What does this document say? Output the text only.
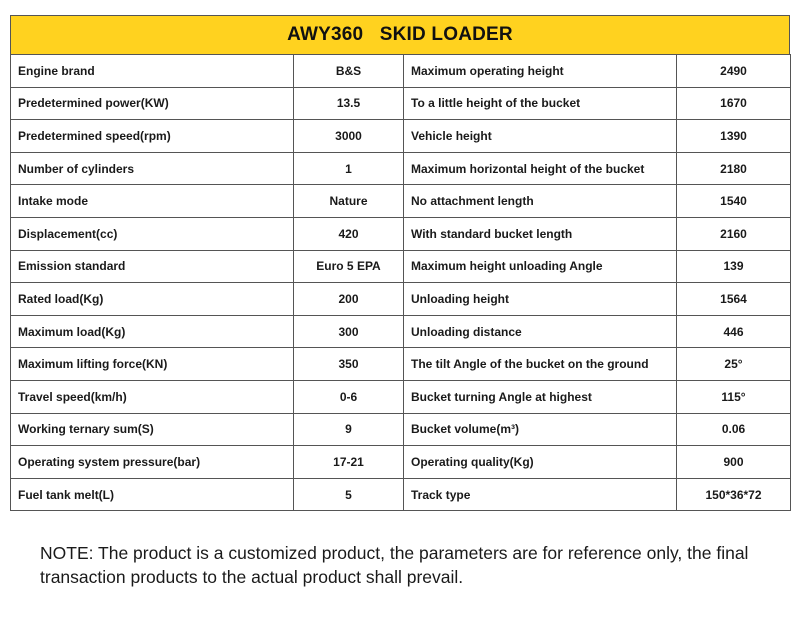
AWY360   SKID LOADER
Engine brand	B&S	Maximum operating height	2490
Predetermined power(KW)	13.5	To a little height of the bucket	1670
Predetermined speed(rpm)	3000	Vehicle height	1390
Number of cylinders	1	Maximum horizontal height of the bucket	2180
Intake mode	Nature	No attachment length	1540
Displacement(cc)	420	With standard bucket length	2160
Emission standard	Euro 5 EPA	Maximum height unloading Angle	139
Rated load(Kg)	200	Unloading height	1564
Maximum load(Kg)	300	Unloading distance	446
Maximum lifting force(KN)	350	The tilt Angle of the bucket on the ground	25°
Travel speed(km/h)	0-6	Bucket turning Angle at highest	115°
Working ternary sum(S)	9	Bucket volume(m³)	0.06
Operating system pressure(bar)	17-21	Operating quality(Kg)	900
Fuel tank melt(L)	5	Track type	150*36*72
NOTE: The product is a customized product, the parameters are for reference only, the final transaction products to the actual product shall prevail.
